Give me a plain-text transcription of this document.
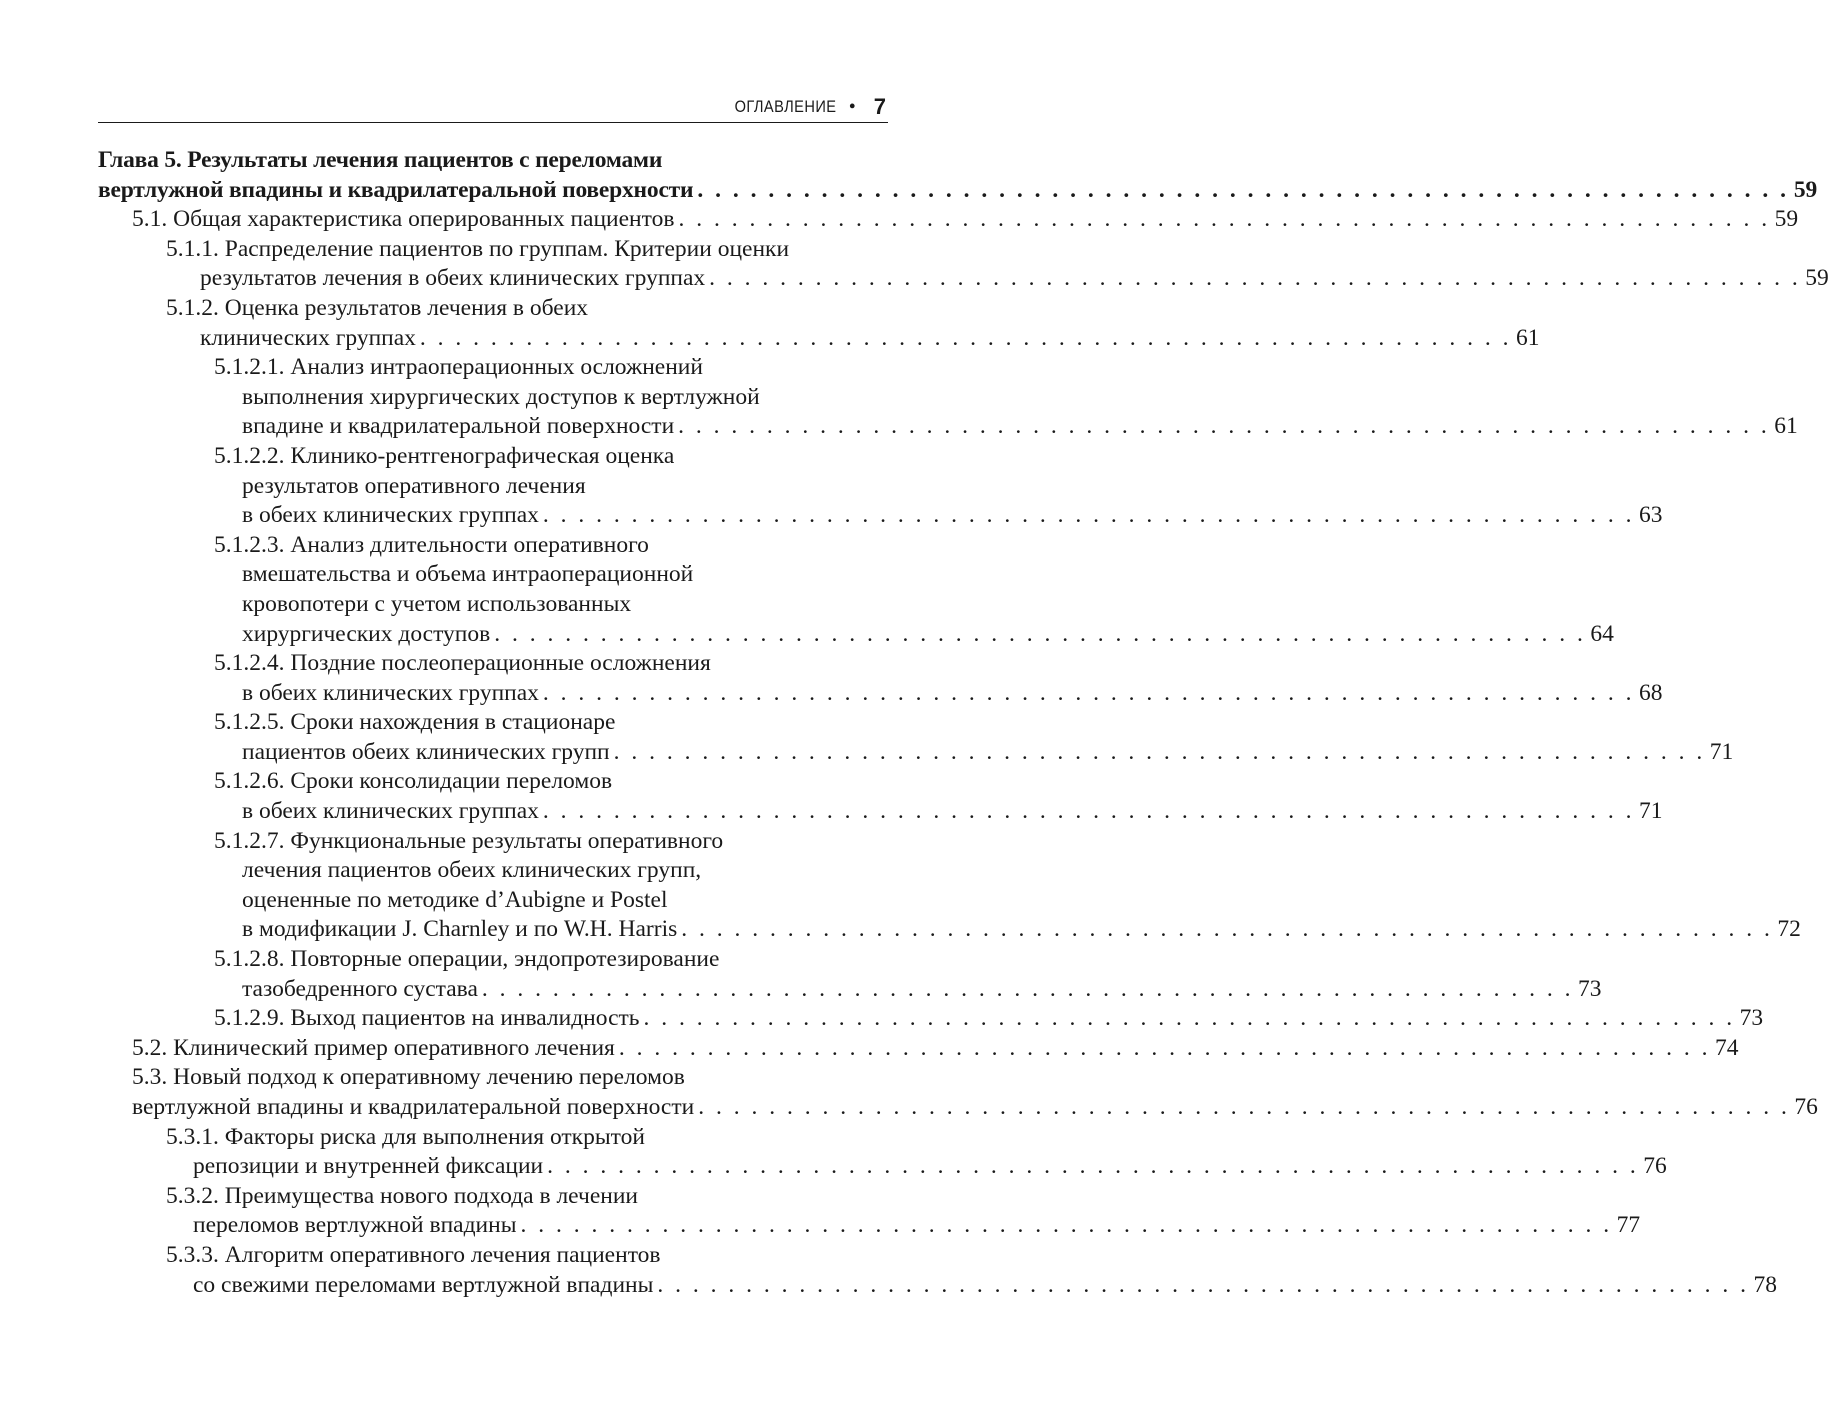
ОГЛАВЛЕНИЕ • 7
Глава 5. Результаты лечения пациентов с переломами
вертлужной впадины и квадрилатеральной поверхности . . . . . . . . . . . . . . . . . . . . . . . . . . . . . . . . . . . . . . . . . . . . . . . . . . . . . . . . . . . . . . 59
5.1. Общая характеристика оперированных пациентов . . . . . . . . . . . . . . . . . . . . . . . . . . . . . . . . . . . . . . . . . . . . . . . . . . . . . . . . . . . . . . 59
5.1.1. Распределение пациентов по группам. Критерии оценки
результатов лечения в обеих клинических группах . . . . . . . . . . . . . . . . . . . . . . . . . . . . . . . . . . . . . . . . . . . . . . . . . . . . . . . . . . . . . . 59
5.1.2. Оценка результатов лечения в обеих
клинических группах . . . . . . . . . . . . . . . . . . . . . . . . . . . . . . . . . . . . . . . . . . . . . . . . . . . . . . . . . . . . . . 61
5.1.2.1. Анализ интраоперационных осложнений
выполнения хирургических доступов к вертлужной
впадине и квадрилатеральной поверхности . . . . . . . . . . . . . . . . . . . . . . . . . . . . . . . . . . . . . . . . . . . . . . . . . . . . . . . . . . . . . . 61
5.1.2.2. Клинико-рентгенографическая оценка
результатов оперативного лечения
в обеих клинических группах . . . . . . . . . . . . . . . . . . . . . . . . . . . . . . . . . . . . . . . . . . . . . . . . . . . . . . . . . . . . . . 63
5.1.2.3. Анализ длительности оперативного
вмешательства и объема интраоперационной
кровопотери с учетом использованных
хирургических доступов . . . . . . . . . . . . . . . . . . . . . . . . . . . . . . . . . . . . . . . . . . . . . . . . . . . . . . . . . . . . . . 64
5.1.2.4. Поздние послеоперационные осложнения
в обеих клинических группах . . . . . . . . . . . . . . . . . . . . . . . . . . . . . . . . . . . . . . . . . . . . . . . . . . . . . . . . . . . . . . 68
5.1.2.5. Сроки нахождения в стационаре
пациентов обеих клинических групп . . . . . . . . . . . . . . . . . . . . . . . . . . . . . . . . . . . . . . . . . . . . . . . . . . . . . . . . . . . . . . 71
5.1.2.6. Сроки консолидации переломов
в обеих клинических группах . . . . . . . . . . . . . . . . . . . . . . . . . . . . . . . . . . . . . . . . . . . . . . . . . . . . . . . . . . . . . . 71
5.1.2.7. Функциональные результаты оперативного
лечения пациентов обеих клинических групп,
оцененные по методике d’Aubigne и Postel
в модификации J. Charnley и по W.H. Harris . . . . . . . . . . . . . . . . . . . . . . . . . . . . . . . . . . . . . . . . . . . . . . . . . . . . . . . . . . . . . . 72
5.1.2.8. Повторные операции, эндопротезирование
тазобедренного сустава . . . . . . . . . . . . . . . . . . . . . . . . . . . . . . . . . . . . . . . . . . . . . . . . . . . . . . . . . . . . . . 73
5.1.2.9. Выход пациентов на инвалидность . . . . . . . . . . . . . . . . . . . . . . . . . . . . . . . . . . . . . . . . . . . . . . . . . . . . . . . . . . . . . . 73
5.2. Клинический пример оперативного лечения . . . . . . . . . . . . . . . . . . . . . . . . . . . . . . . . . . . . . . . . . . . . . . . . . . . . . . . . . . . . . . 74
5.3. Новый подход к оперативному лечению переломов
вертлужной впадины и квадрилатеральной поверхности . . . . . . . . . . . . . . . . . . . . . . . . . . . . . . . . . . . . . . . . . . . . . . . . . . . . . . . . . . . . . . 76
5.3.1. Факторы риска для выполнения открытой
репозиции и внутренней фиксации . . . . . . . . . . . . . . . . . . . . . . . . . . . . . . . . . . . . . . . . . . . . . . . . . . . . . . . . . . . . . . 76
5.3.2. Преимущества нового подхода в лечении
переломов вертлужной впадины . . . . . . . . . . . . . . . . . . . . . . . . . . . . . . . . . . . . . . . . . . . . . . . . . . . . . . . . . . . . . . 77
5.3.3. Алгоритм оперативного лечения пациентов
со свежими переломами вертлужной впадины . . . . . . . . . . . . . . . . . . . . . . . . . . . . . . . . . . . . . . . . . . . . . . . . . . . . . . . . . . . . . . 78
